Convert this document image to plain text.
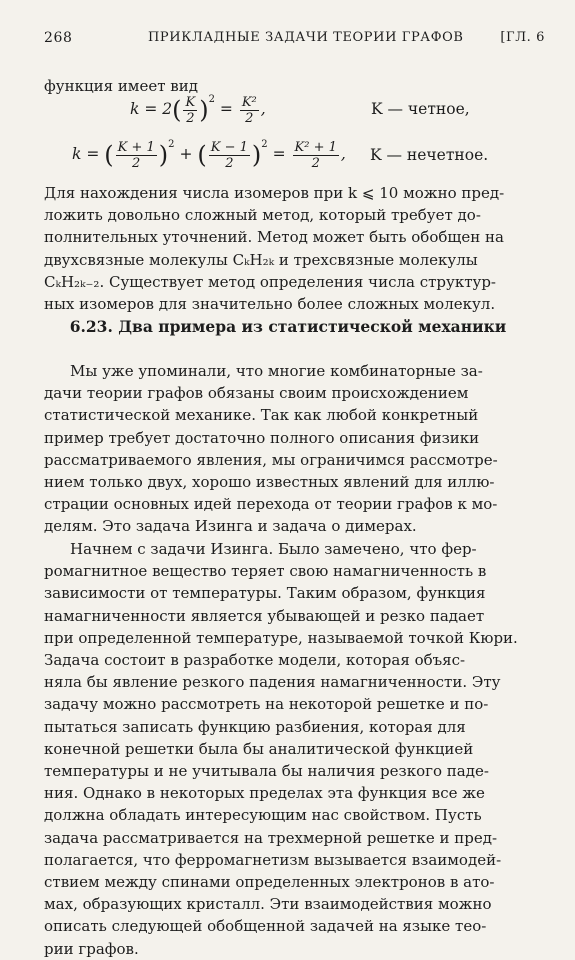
268	ПРИКЛАДНЫЕ ЗАДАЧИ ТЕОРИИ ГРАФОВ	[ГЛ. 6

функция имеет вид

$k = 2( \frac{K}{2} )^2 = \frac{\text{K²}}{2}$ ,	K — четное,
k = ( $\frac{K + 1}{2} )^2$ + ( $\frac{K - 1}{2} )^2 = \frac{\text{K² + 1}}{2}$ , K — нечетное.

Для нахождения числа изомеров при k ⩽ 10 можно пред-
ложить довольно сложный метод, который требует до-
полнительных уточнений. Метод может быть обобщен на
двухсвязные молекулы CₖH₂ₖ и трехсвязные молекулы
CₖH₂ₖ₋₂. Существует метод определения числа структур-
ных изомеров для значительно более сложных молекул.

6.23. Два примера из статистической механики

Мы уже упоминали, что многие комбинаторные за-
дачи теории графов обязаны своим происхождением
статистической механике. Так как любой конкретный
пример требует достаточно полного описания физики
рассматриваемого явления, мы ограничимся рассмотре-
нием только двух, хорошо известных явлений для иллю-
страции основных идей перехода от теории графов к мо-
делям. Это задача Изинга и задача о димерах.

Начнем с задачи Изинга. Было замечено, что фер-
ромагнитное вещество теряет свою намагниченность в
зависимости от температуры. Таким образом, функция
намагниченности является убывающей и резко падает
при определенной температуре, называемой точкой Кюри.
Задача состоит в разработке модели, которая объяс-
няла бы явление резкого падения намагниченности. Эту
задачу можно рассмотреть на некоторой решетке и по-
пытаться записать функцию разбиения, которая для
конечной решетки была бы аналитической функцией
температуры и не учитывала бы наличия резкого паде-
ния. Однако в некоторых пределах эта функция все же
должна обладать интересующим нас свойством. Пусть
задача рассматривается на трехмерной решетке и пред-
полагается, что ферромагнетизм вызывается взаимодей-
ствием между спинами определенных электронов в ато-
мах, образующих кристалл. Эти взаимодействия можно
описать следующей обобщенной задачей на языке тео-
рии графов.
